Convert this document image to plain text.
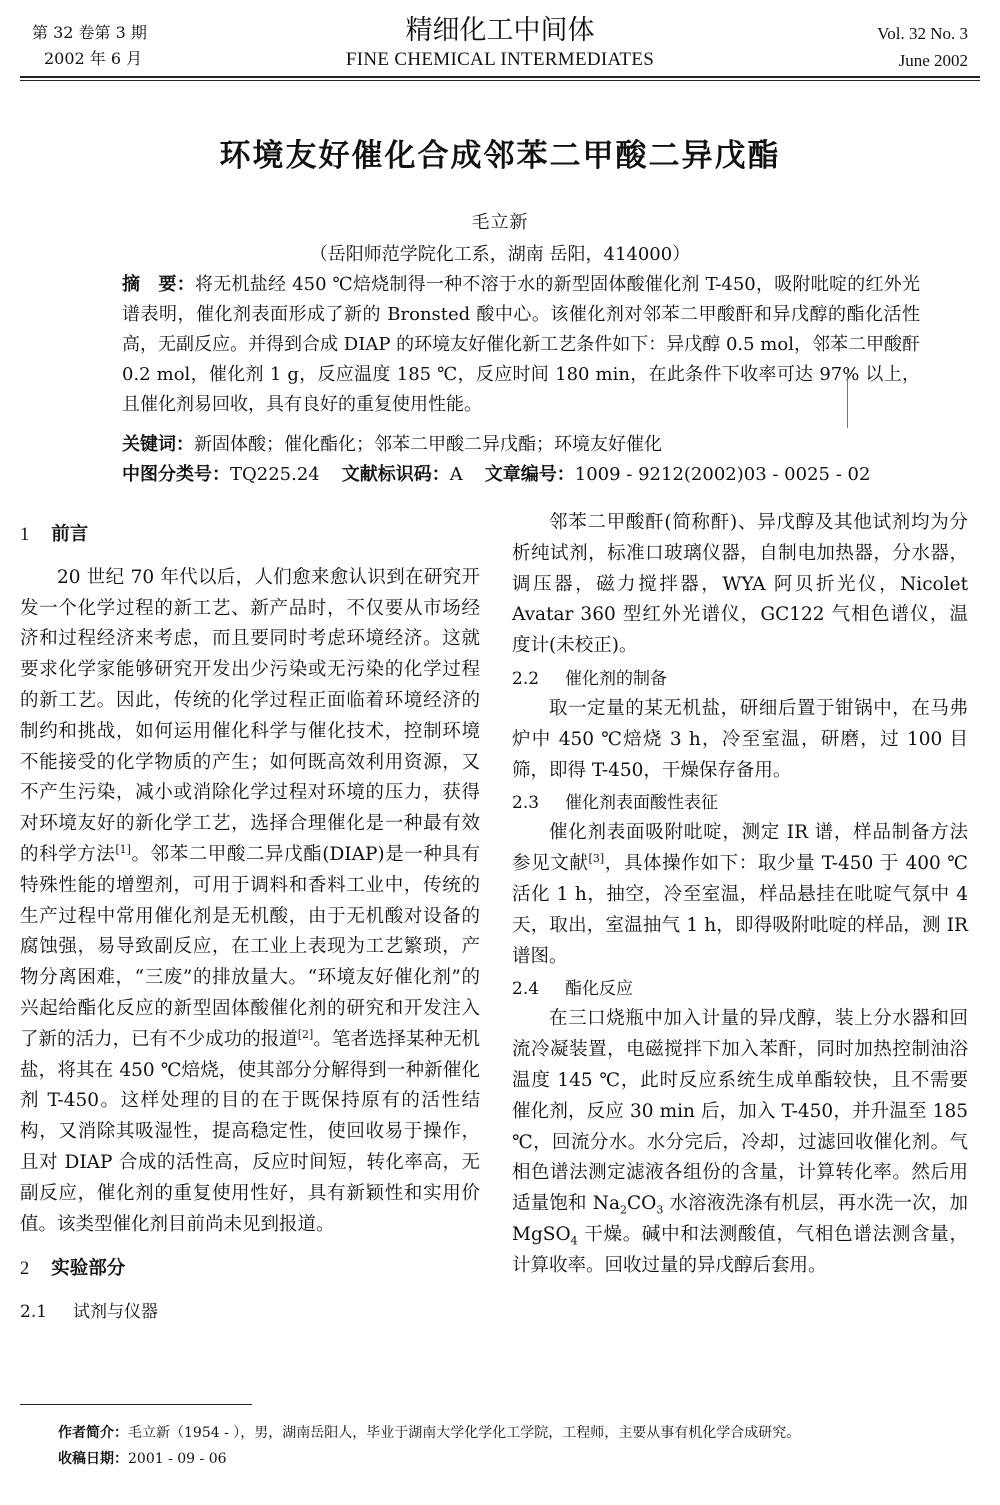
第 32 卷第 3 期
2002 年 6 月
精细化工中间体
FINE CHEMICAL INTERMEDIATES
Vol. 32 No. 3
June 2002
环境友好催化合成邻苯二甲酸二异戊酯
毛立新
（岳阳师范学院化工系，湖南 岳阳，414000）

摘　要：将无机盐经 450 ℃焙烧制得一种不溶于水的新型固体酸催化剂 T-450，吸附吡啶的红外光谱表明，催化剂表面形成了新的 Bronsted 酸中心。该催化剂对邻苯二甲酸酐和异戊醇的酯化活性高，无副反应。并得到合成 DIAP 的环境友好催化新工艺条件如下：异戊醇 0.5 mol，邻苯二甲酸酐 0.2 mol，催化剂 1 g，反应温度 185 ℃，反应时间 180 min，在此条件下收率可达 97% 以上，且催化剂易回收，具有良好的重复使用性能。

关键词：新固体酸；催化酯化；邻苯二甲酸二异戊酯；环境友好催化
中图分类号：TQ225.24 文献标识码：A 文章编号：1009 - 9212(2002)03 - 0025 - 02
1 前言

20 世纪 70 年代以后，人们愈来愈认识到在研究开发一个化学过程的新工艺、新产品时，不仅要从市场经济和过程经济来考虑，而且要同时考虑环境经济。这就要求化学家能够研究开发出少污染或无污染的化学过程的新工艺。因此，传统的化学过程正面临着环境经济的制约和挑战，如何运用催化科学与催化技术，控制环境不能接受的化学物质的产生；如何既高效利用资源，又不产生污染，减小或消除化学过程对环境的压力，获得对环境友好的新化学工艺，选择合理催化是一种最有效的科学方法[1]。邻苯二甲酸二异戊酯(DIAP)是一种具有特殊性能的增塑剂，可用于调料和香料工业中，传统的生产过程中常用催化剂是无机酸，由于无机酸对设备的腐蚀强，易导致副反应，在工业上表现为工艺繁琐，产物分离困难，“三废”的排放量大。“环境友好催化剂”的兴起给酯化反应的新型固体酸催化剂的研究和开发注入了新的活力，已有不少成功的报道[2]。笔者选择某种无机盐，将其在 450 ℃焙烧，使其部分分解得到一种新催化剂 T-450。这样处理的目的在于既保持原有的活性结构，又消除其吸湿性，提高稳定性，使回收易于操作，且对 DIAP 合成的活性高，反应时间短，转化率高，无副反应，催化剂的重复使用性好，具有新颖性和实用价值。该类型催化剂目前尚未见到报道。

2 实验部分
2.1 试剂与仪器

邻苯二甲酸酐(简称酐)、异戊醇及其他试剂均为分析纯试剂，标准口玻璃仪器，自制电加热器，分水器，调压器，磁力搅拌器，WYA 阿贝折光仪，Nicolet Avatar 360 型红外光谱仪，GC122 气相色谱仪，温度计(未校正)。

2.2 催化剂的制备

取一定量的某无机盐，研细后置于钳锅中，在马弗炉中 450 ℃焙烧 3 h，冷至室温，研磨，过 100 目筛，即得 T-450，干燥保存备用。

2.3 催化剂表面酸性表征

催化剂表面吸附吡啶，测定 IR 谱，样品制备方法参见文献[3]，具体操作如下：取少量 T-450 于 400 ℃活化 1 h，抽空，冷至室温，样品悬挂在吡啶气氛中 4 天，取出，室温抽气 1 h，即得吸附吡啶的样品，测 IR 谱图。

2.4 酯化反应

在三口烧瓶中加入计量的异戊醇，装上分水器和回流冷凝装置，电磁搅拌下加入苯酐，同时加热控制油浴温度 145 ℃，此时反应系统生成单酯较快，且不需要催化剂，反应 30 min 后，加入 T-450，并升温至 185 ℃，回流分水。水分完后，冷却，过滤回收催化剂。气相色谱法测定滤液各组份的含量，计算转化率。然后用适量饱和 $Na_2CO_3$ 水溶液洗涤有机层，再水洗一次，加 MgSO$_4$ 干燥。碱中和法测酸值，气相色谱法测含量，计算收率。回收过量的异戊醇后套用。

作者简介：毛立新（1954 - ），男，湖南岳阳人，毕业于湖南大学化学化工学院，工程师，主要从事有机化学合成研究。
收稿日期：2001 - 09 - 06
